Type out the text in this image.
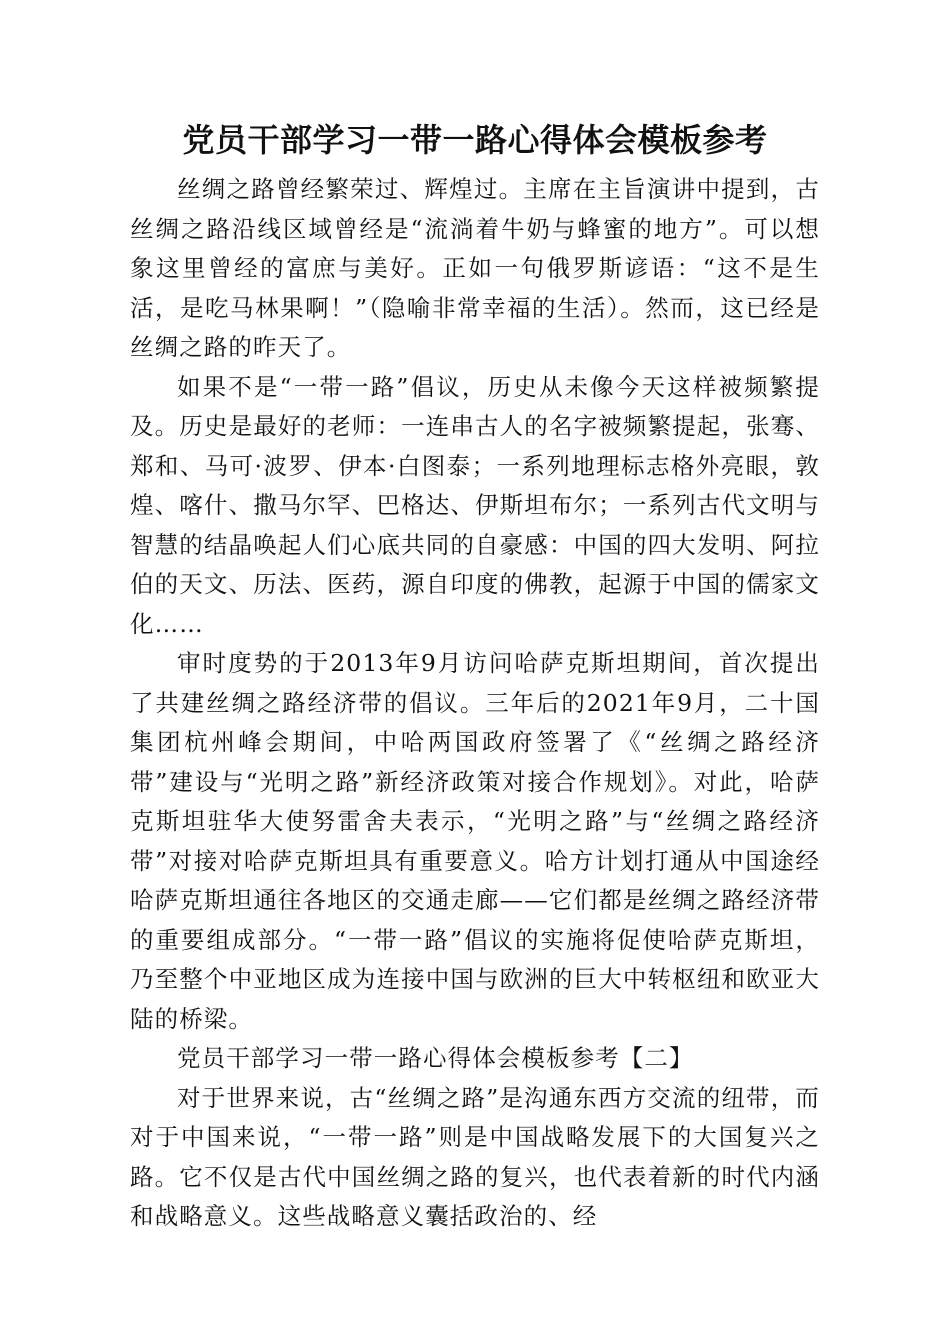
党员干部学习一带一路心得体会模板参考

丝绸之路曾经繁荣过、辉煌过。主席在主旨演讲中提到，古丝绸之路沿线区域曾经是“流淌着牛奶与蜂蜜的地方”。可以想象这里曾经的富庶与美好。正如一句俄罗斯谚语：“这不是生活，是吃马林果啊！”（隐喻非常幸福的生活）。然而，这已经是丝绸之路的昨天了。

如果不是“一带一路”倡议，历史从未像今天这样被频繁提及。历史是最好的老师：一连串古人的名字被频繁提起，张骞、郑和、马可·波罗、伊本·白图泰；一系列地理标志格外亮眼，敦煌、喀什、撒马尔罕、巴格达、伊斯坦布尔；一系列古代文明与智慧的结晶唤起人们心底共同的自豪感：中国的四大发明、阿拉伯的天文、历法、医药，源自印度的佛教，起源于中国的儒家文化……

审时度势的于2013年9月访问哈萨克斯坦期间，首次提出了共建丝绸之路经济带的倡议。三年后的2021年9月，二十国集团杭州峰会期间，中哈两国政府签署了《“丝绸之路经济带”建设与“光明之路”新经济政策对接合作规划》。对此，哈萨克斯坦驻华大使努雷舍夫表示，“光明之路”与“丝绸之路经济带”对接对哈萨克斯坦具有重要意义。哈方计划打通从中国途经哈萨克斯坦通往各地区的交通走廊——它们都是丝绸之路经济带的重要组成部分。“一带一路”倡议的实施将促使哈萨克斯坦，乃至整个中亚地区成为连接中国与欧洲的巨大中转枢纽和欧亚大陆的桥梁。

党员干部学习一带一路心得体会模板参考【二】

对于世界来说，古“丝绸之路”是沟通东西方交流的纽带，而对于中国来说，“一带一路”则是中国战略发展下的大国复兴之路。它不仅是古代中国丝绸之路的复兴，也代表着新的时代内涵和战略意义。这些战略意义囊括政治的、经
